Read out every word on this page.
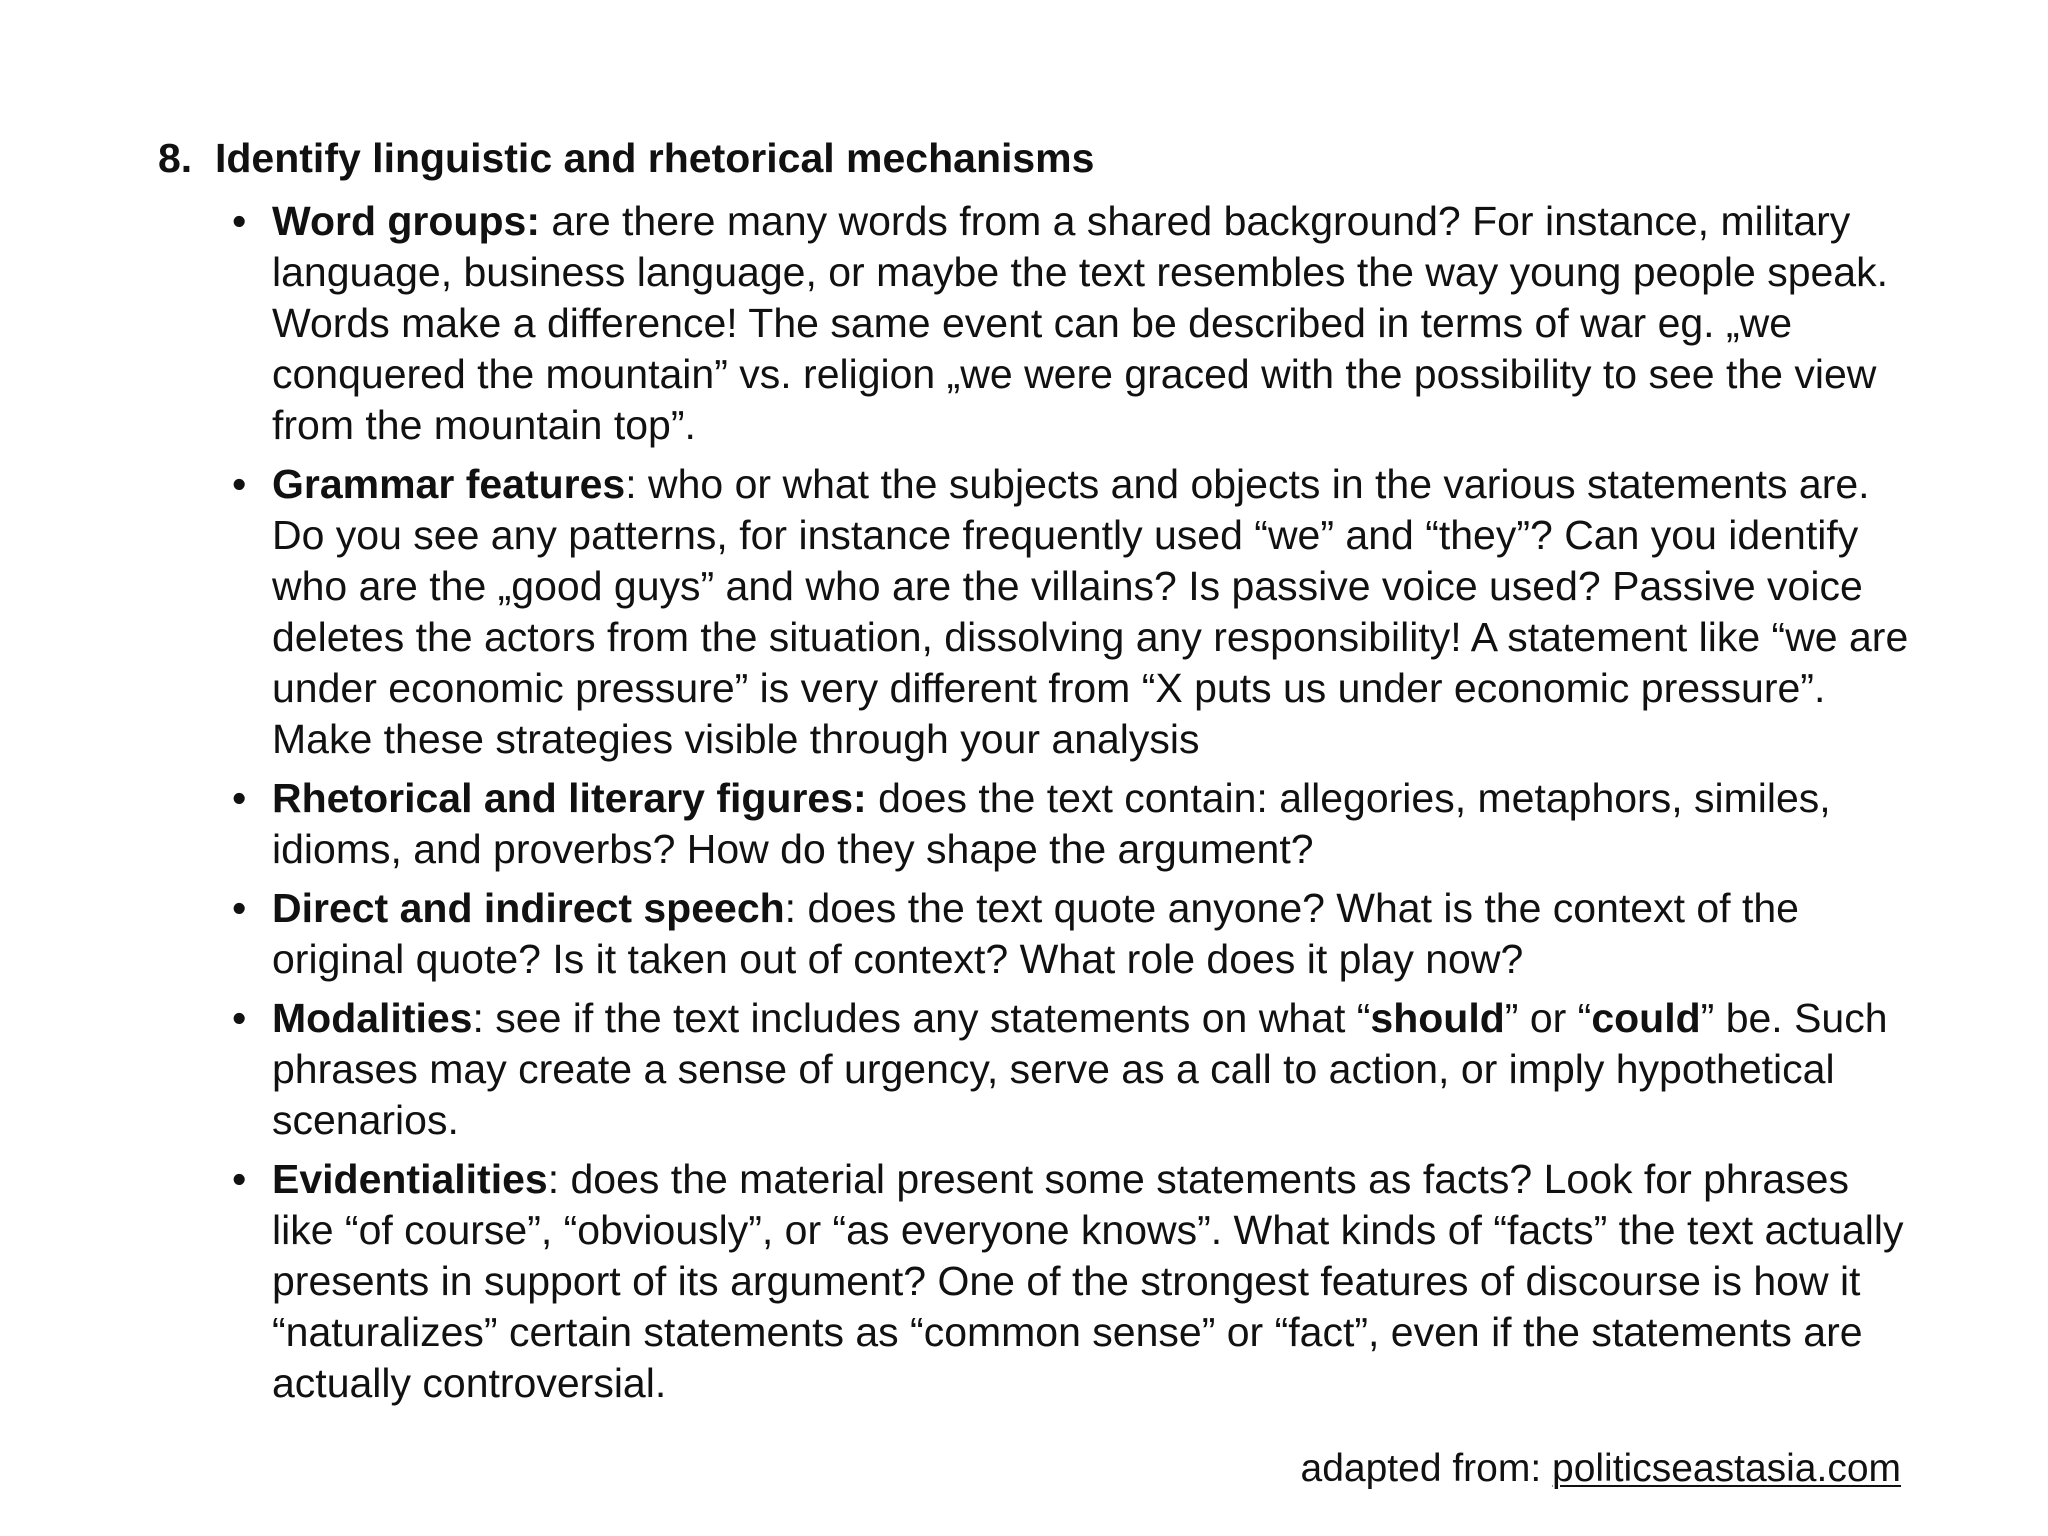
8. Identify linguistic and rhetorical mechanisms
• Word groups: are there many words from a shared background? For instance, military language, business language, or maybe the text resembles the way young people speak. Words make a difference! The same event can be described in terms of war eg. „we conquered the mountain” vs. religion „we were graced with the possibility to see the view from the mountain top”.
• Grammar features: who or what the subjects and objects in the various statements are. Do you see any patterns, for instance frequently used “we” and “they”? Can you identify who are the „good guys” and who are the villains? Is passive voice used? Passive voice deletes the actors from the situation, dissolving any responsibility! A statement like “we are under economic pressure” is very different from “X puts us under economic pressure”. Make these strategies visible through your analysis
• Rhetorical and literary figures: does the text contain: allegories, metaphors, similes, idioms, and proverbs? How do they shape the argument?
• Direct and indirect speech: does the text quote anyone? What is the context of the original quote? Is it taken out of context? What role does it play now?
• Modalities: see if the text includes any statements on what “should” or “could” be. Such phrases may create a sense of urgency, serve as a call to action, or imply hypothetical scenarios.
• Evidentialities: does the material present some statements as facts? Look for phrases like “of course”, “obviously”, or “as everyone knows”. What kinds of “facts” the text actually presents in support of its argument? One of the strongest features of discourse is how it “naturalizes” certain statements as “common sense” or “fact”, even if the statements are actually controversial.
adapted from: politicseastasia.com
